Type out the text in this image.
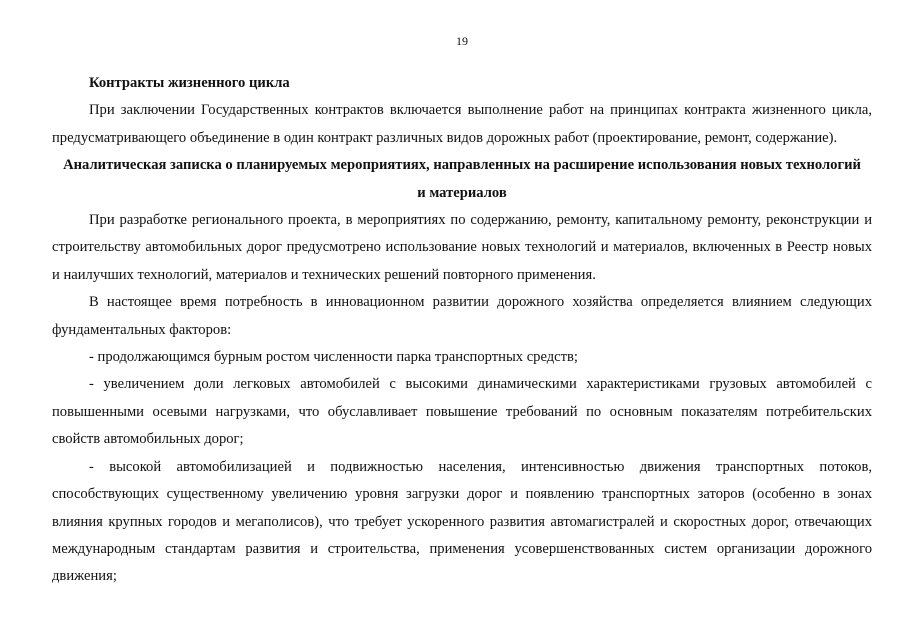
19

Контракты жизненного цикла

При заключении Государственных контрактов включается выполнение работ на принципах контракта жизненного цикла, предусматривающего объединение в один контракт различных видов дорожных работ (проектирование, ремонт, содержание).

Аналитическая записка о планируемых мероприятиях, направленных на расширение использования новых технологий и материалов

При разработке регионального проекта, в мероприятиях по содержанию, ремонту, капитальному ремонту, реконструкции и строительству автомобильных дорог предусмотрено использование новых технологий и материалов, включенных в Реестр новых и наилучших технологий, материалов и технических решений повторного применения.

В настоящее время потребность в инновационном развитии дорожного хозяйства определяется влиянием следующих фундаментальных факторов:

- продолжающимся бурным ростом численности парка транспортных средств;

- увеличением доли легковых автомобилей с высокими динамическими характеристиками грузовых автомобилей с повышенными осевыми нагрузками, что обуславливает повышение требований по основным показателям потребительских свойств автомобильных дорог;

- высокой автомобилизацией и подвижностью населения, интенсивностью движения транспортных потоков, способствующих существенному увеличению уровня загрузки дорог и появлению транспортных заторов (особенно в зонах влияния крупных городов и мегаполисов), что требует ускоренного развития автомагистралей и скоростных дорог, отвечающих международным стандартам развития и строительства, применения усовершенствованных систем организации дорожного движения;
